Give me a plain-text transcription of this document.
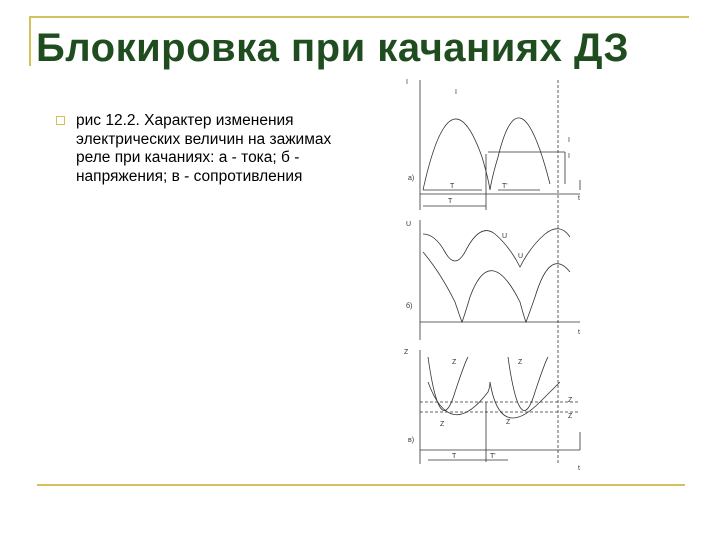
Блокировка при качаниях ДЗ
рис 12.2. Характер изменения электрических величин на зажимах реле при качаниях: а - тока; б - напряжения; в - сопротивления
I
I
I
I
а)
T	T'
T	t
U
U
U
б)
t
Z
Z	Z
Z
Z
Z	Z
в)
T	T'
t
